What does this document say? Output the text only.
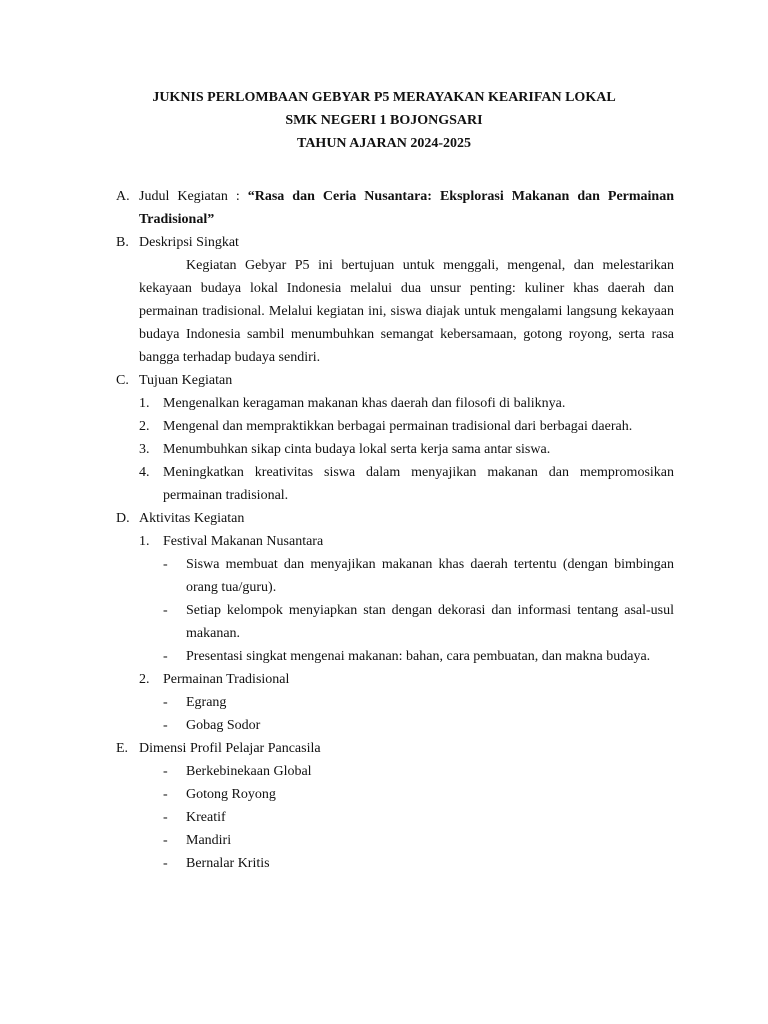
JUKNIS PERLOMBAAN GEBYAR P5 MERAYAKAN KEARIFAN LOKAL
SMK NEGERI 1 BOJONGSARI
TAHUN AJARAN 2024-2025
A. Judul Kegiatan : “Rasa dan Ceria Nusantara: Eksplorasi Makanan dan Permainan Tradisional”
B. Deskripsi Singkat
Kegiatan Gebyar P5 ini bertujuan untuk menggali, mengenal, dan melestarikan kekayaan budaya lokal Indonesia melalui dua unsur penting: kuliner khas daerah dan permainan tradisional. Melalui kegiatan ini, siswa diajak untuk mengalami langsung kekayaan budaya Indonesia sambil menumbuhkan semangat kebersamaan, gotong royong, serta rasa bangga terhadap budaya sendiri.
C. Tujuan Kegiatan
1. Mengenalkan keragaman makanan khas daerah dan filosofi di baliknya.
2. Mengenal dan mempraktikkan berbagai permainan tradisional dari berbagai daerah.
3. Menumbuhkan sikap cinta budaya lokal serta kerja sama antar siswa.
4. Meningkatkan kreativitas siswa dalam menyajikan makanan dan mempromosikan permainan tradisional.
D. Aktivitas Kegiatan
1. Festival Makanan Nusantara
- Siswa membuat dan menyajikan makanan khas daerah tertentu (dengan bimbingan orang tua/guru).
- Setiap kelompok menyiapkan stan dengan dekorasi dan informasi tentang asal-usul makanan.
- Presentasi singkat mengenai makanan: bahan, cara pembuatan, dan makna budaya.
2. Permainan Tradisional
- Egrang
- Gobag Sodor
E. Dimensi Profil Pelajar Pancasila
- Berkebinekaan Global
- Gotong Royong
- Kreatif
- Mandiri
- Bernalar Kritis
